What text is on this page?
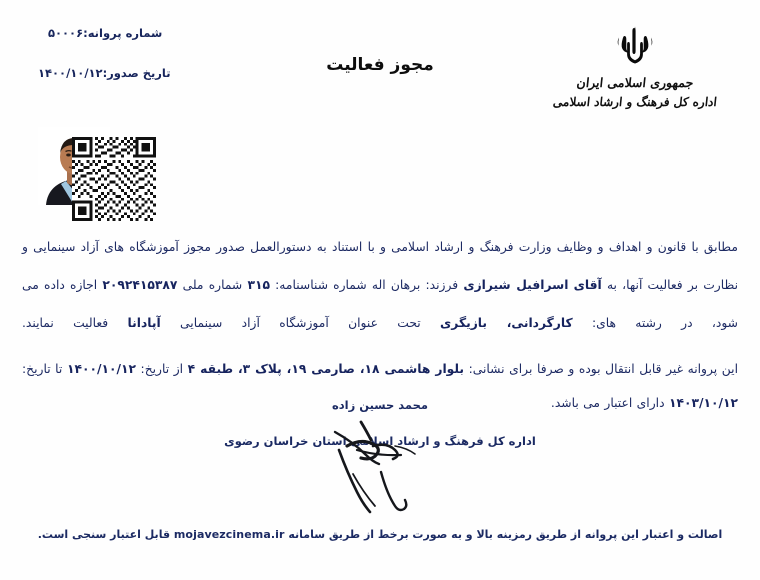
شماره پروانه:۵۰۰۰۶
تاریخ صدور:۱۴۰۰/۱۰/۱۲	مجوز فعالیت
جمهوری اسلامی ایران
اداره کل فرهنگ و ارشاد اسلامی

مطابق با قانون و اهداف و وظایف وزارت فرهنگ و ارشاد اسلامی و با استناد به دستورالعمل صدور مجوز آموزشگاه های آزاد سینمایی و نظارت بر فعالیت آنها، به آقای اسرافیل شیرازی فرزند: برهان اله شماره شناسنامه: ۳۱۵ شماره ملی ۲۰۹۲۴۱۵۳۸۷ اجازه داده می شود، در رشته های: کارگردانی، بازیگری تحت عنوان آموزشگاه آزاد سینمایی آپادانا فعالیت نمایند.

این پروانه غیر قابل انتقال بوده و صرفا برای نشانی: بلوار هاشمی ۱۸، صارمی ۱۹، پلاک ۳، طبقه ۴ از تاریخ: ۱۴۰۰/۱۰/۱۲ تا تاریخ: ۱۴۰۳/۱۰/۱۲ دارای اعتبار می باشد.

محمد حسین زاده
اداره کل فرهنگ و ارشاد اسلامی استان خراسان رضوی
اصالت و اعتبار این پروانه از طریق رمزینه بالا و به صورت برخط از طریق سامانه mojavezcinema.ir قابل اعتبار سنجی است.
